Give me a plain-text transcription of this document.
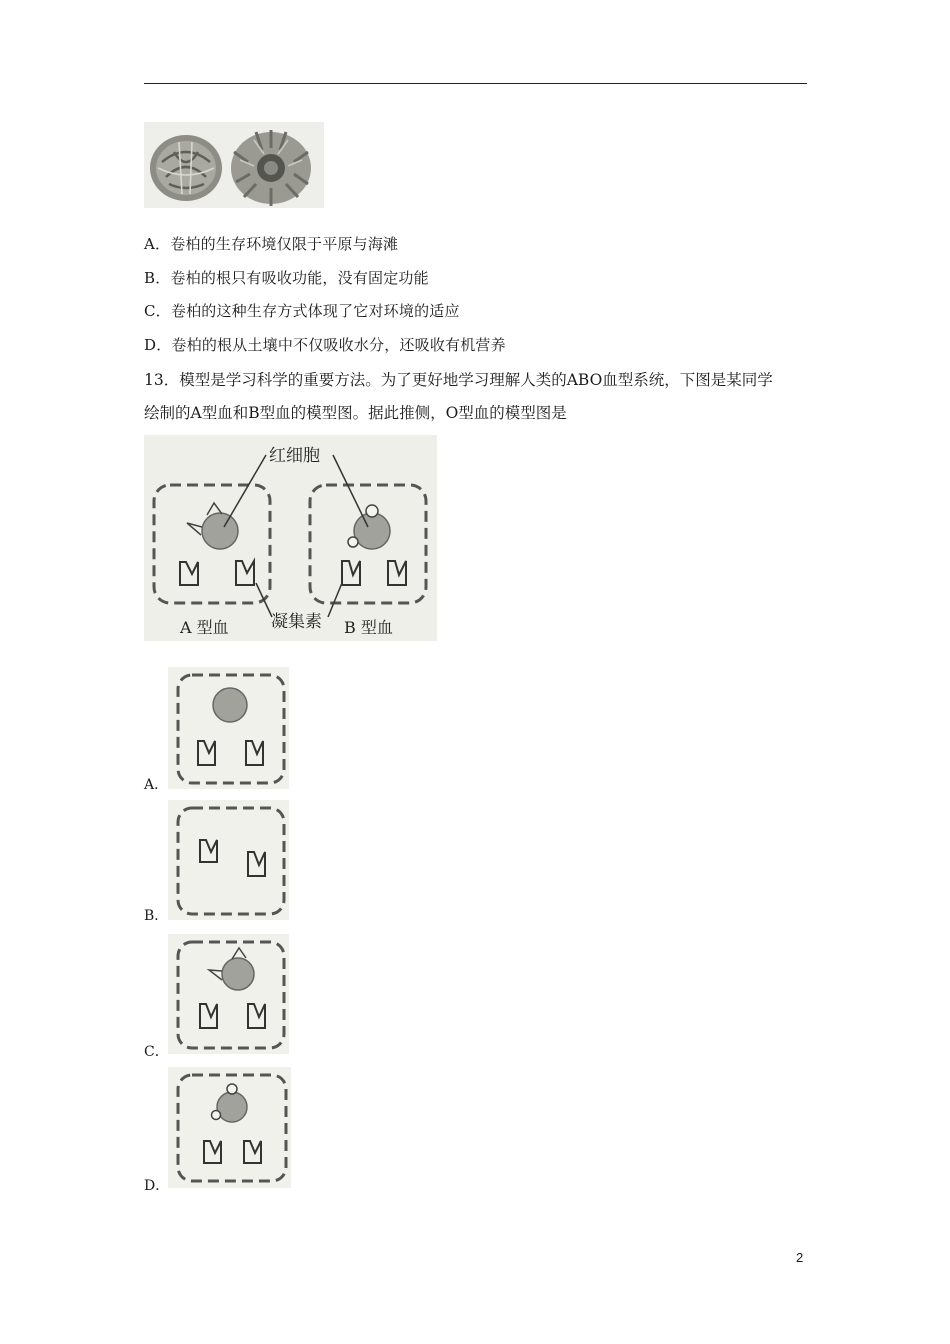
A．卷柏的生存环境仅限于平原与海滩
B．卷柏的根只有吸收功能，没有固定功能
C．卷柏的这种生存方式体现了它对环境的适应
D．卷柏的根从土壤中不仅吸收水分，还吸收有机营养
13．模型是学习科学的重要方法。为了更好地学习理解人类的ABO血型系统，下图是某同学
绘制的A型血和B型血的模型图。据此推侧，O型血的模型图是
红细胞
凝集素
A 型血	B 型血
A．
B．
C．
D．
2
